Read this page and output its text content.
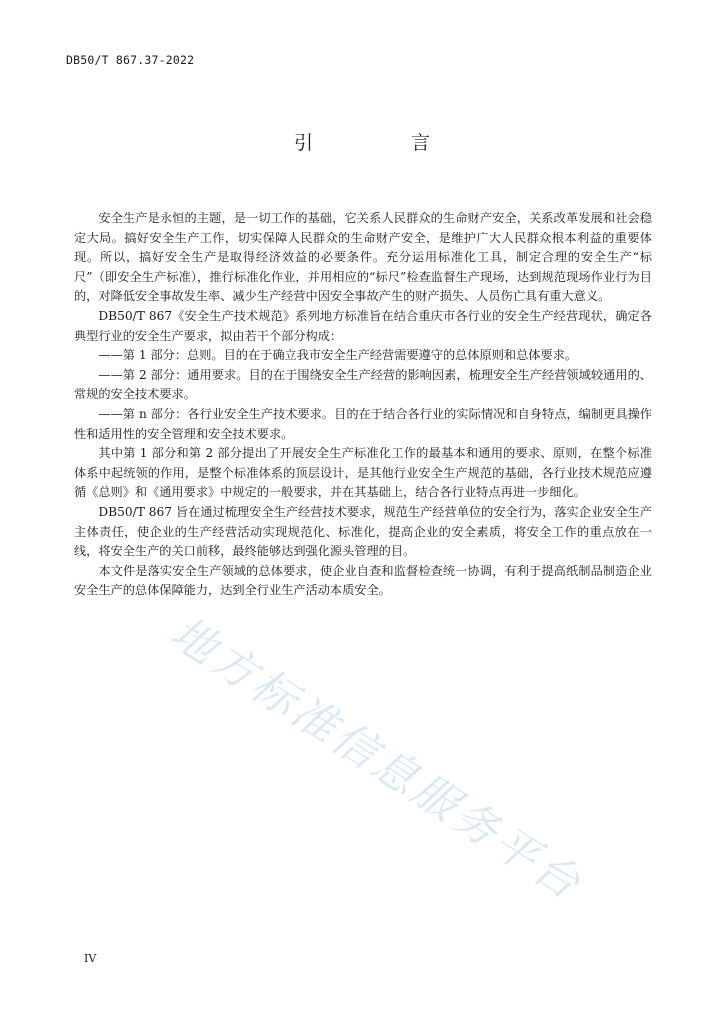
DB50/T 867.37-2022
引 言

安全生产是永恒的主题，是一切工作的基础，它关系人民群众的生命财产安全，关系改革发展和社会稳定大局。搞好安全生产工作，切实保障人民群众的生命财产安全，是维护广大人民群众根本利益的重要体现。所以，搞好安全生产是取得经济效益的必要条件。充分运用标准化工具，制定合理的安全生产“标尺”（即安全生产标准），推行标准化作业，并用相应的“标尺”检查监督生产现场，达到规范现场作业行为目的，对降低安全事故发生率、减少生产经营中因安全事故产生的财产损失、人员伤亡具有重大意义。

DB50/T 867《安全生产技术规范》系列地方标准旨在结合重庆市各行业的安全生产经营现状，确定各典型行业的安全生产要求，拟由若干个部分构成：

——第 1 部分：总则。目的在于确立我市安全生产经营需要遵守的总体原则和总体要求。

——第 2 部分：通用要求。目的在于围绕安全生产经营的影响因素，梳理安全生产经营领域较通用的、常规的安全技术要求。

——第 n 部分：各行业安全生产技术要求。目的在于结合各行业的实际情况和自身特点，编制更具操作性和适用性的安全管理和安全技术要求。

其中第 1 部分和第 2 部分提出了开展安全生产标准化工作的最基本和通用的要求、原则，在整个标准体系中起统领的作用，是整个标准体系的顶层设计，是其他行业安全生产规范的基础，各行业技术规范应遵循《总则》和《通用要求》中规定的一般要求，并在其基础上，结合各行业特点再进一步细化。

DB50/T 867 旨在通过梳理安全生产经营技术要求，规范生产经营单位的安全行为，落实企业安全生产主体责任，使企业的生产经营活动实现规范化、标准化，提高企业的安全素质，将安全工作的重点放在一线，将安全生产的关口前移，最终能够达到强化源头管理的目。

本文件是落实安全生产领域的总体要求，使企业自查和监督检查统一协调，有利于提高纸制品制造企业安全生产的总体保障能力，达到全行业生产活动本质安全。

地方标准信息服务平台
IV
